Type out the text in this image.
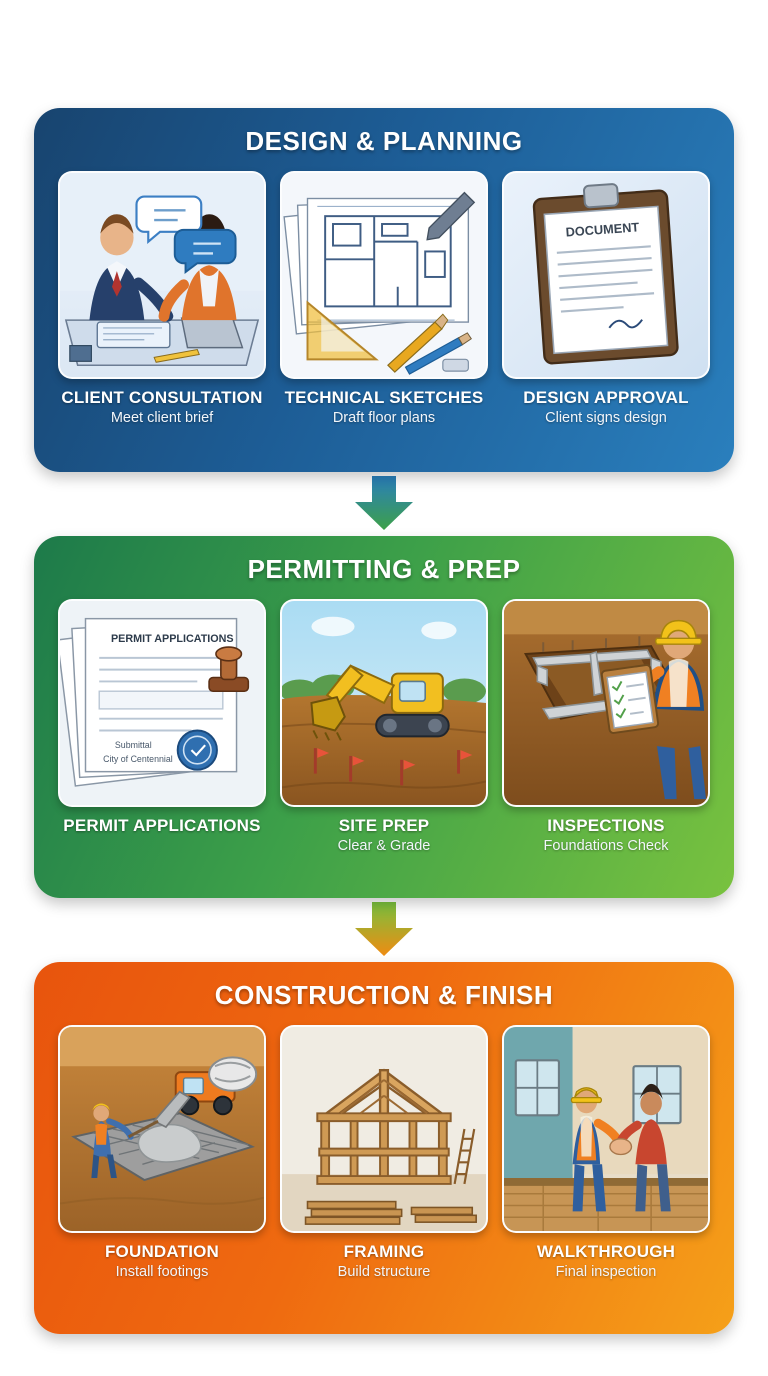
DESIGN & PLANNING
CLIENT CONSULTATION
Meet client brief
TECHNICAL SKETCHES
Draft floor plans
DOCUMENT
DESIGN APPROVAL
Client signs design
PERMITTING & PREP
PERMIT APPLICATIONS
Submittal
City of Centennial
PERMIT APPLICATIONS	SITE PREP
Clear & Grade
INSPECTIONS
Foundations Check
CONSTRUCTION & FINISH
FOUNDATION
Install footings
FRAMING
Build structure
WALKTHROUGH
Final inspection
